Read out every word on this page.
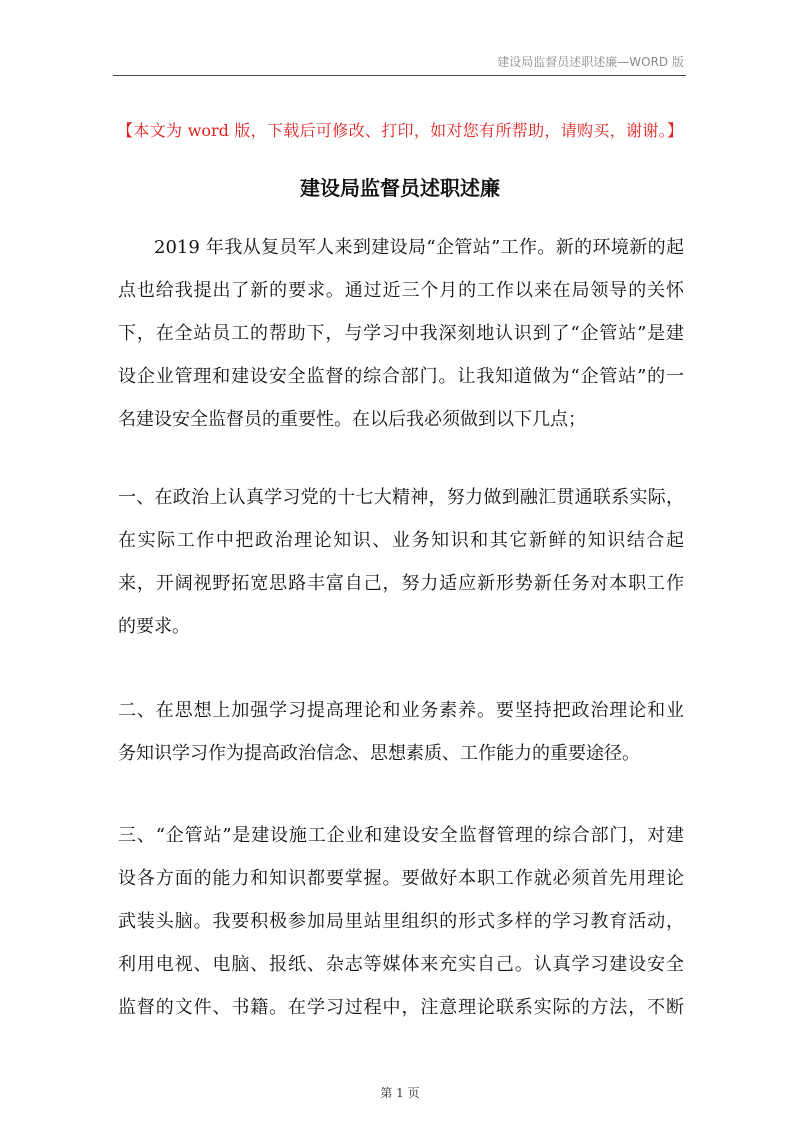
建设局监督员述职述廉—WORD 版
【本文为 word 版，下载后可修改、打印，如对您有所帮助，请购买，谢谢。】
建设局监督员述职述廉
2019 年我从复员军人来到建设局“企管站”工作。新的环境新的起
点也给我提出了新的要求。通过近三个月的工作以来在局领导的关怀
下，在全站员工的帮助下，与学习中我深刻地认识到了“企管站”是建
设企业管理和建设安全监督的综合部门。让我知道做为“企管站”的一
名建设安全监督员的重要性。在以后我必须做到以下几点；
一、在政治上认真学习党的十七大精神，努力做到融汇贯通联系实际，
在实际工作中把政治理论知识、业务知识和其它新鲜的知识结合起
来，开阔视野拓宽思路丰富自己，努力适应新形势新任务对本职工作
的要求。
二、在思想上加强学习提高理论和业务素养。要坚持把政治理论和业
务知识学习作为提高政治信念、思想素质、工作能力的重要途径。
三、“企管站”是建设施工企业和建设安全监督管理的综合部门，对建
设各方面的能力和知识都要掌握。要做好本职工作就必须首先用理论
武装头脑。我要积极参加局里站里组织的形式多样的学习教育活动，
利用电视、电脑、报纸、杂志等媒体来充实自己。认真学习建设安全
监督的文件、书籍。在学习过程中，注意理论联系实际的方法，不断
第 1 页
